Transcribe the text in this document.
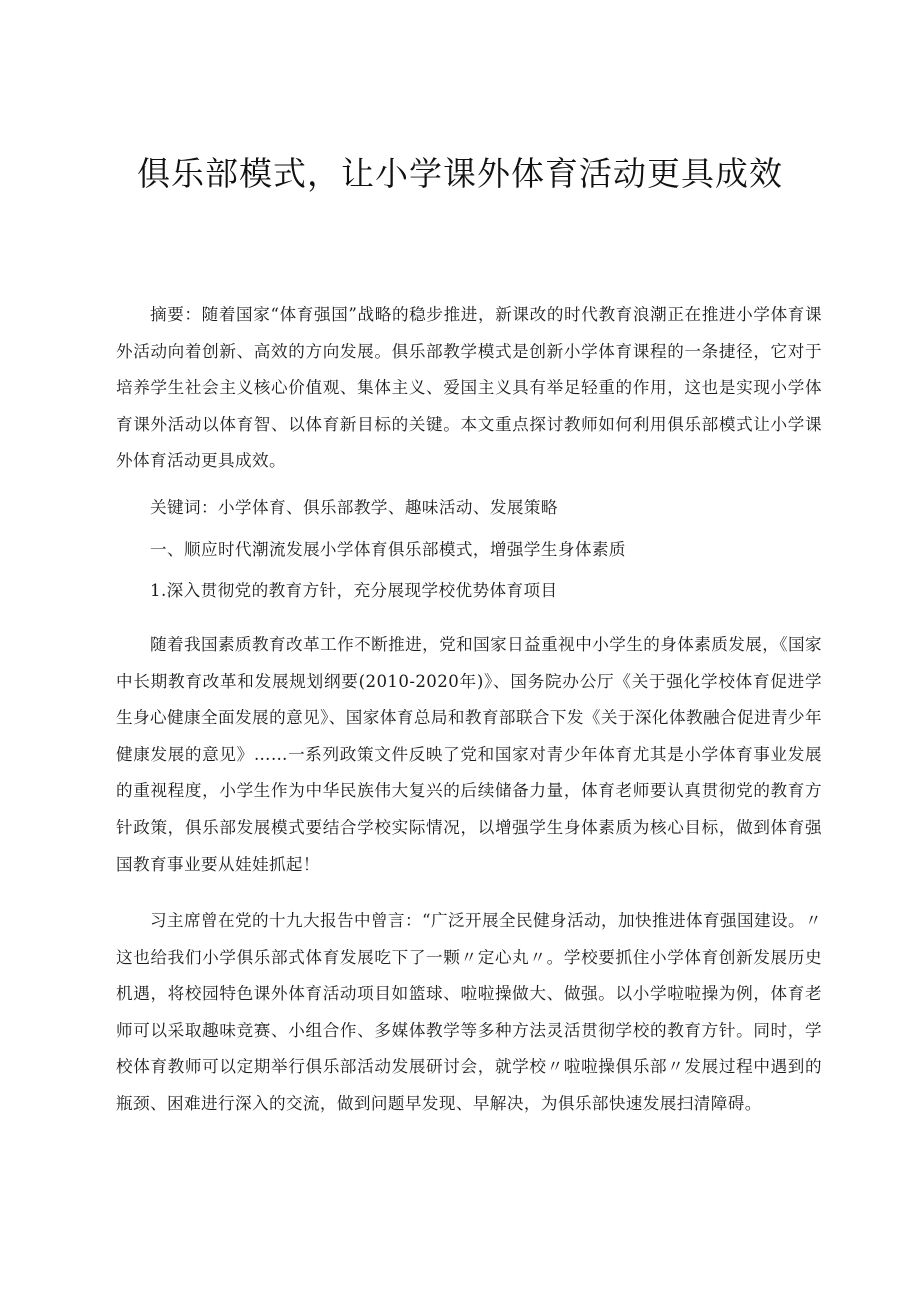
俱乐部模式，让小学课外体育活动更具成效
摘要：随着国家“体育强国”战略的稳步推进，新课改的时代教育浪潮正在推进小学体育课外活动向着创新、高效的方向发展。俱乐部教学模式是创新小学体育课程的一条捷径，它对于培养学生社会主义核心价值观、集体主义、爱国主义具有举足轻重的作用，这也是实现小学体育课外活动以体育智、以体育新目标的关键。本文重点探讨教师如何利用俱乐部模式让小学课外体育活动更具成效。
关键词：小学体育、俱乐部教学、趣味活动、发展策略
一、顺应时代潮流发展小学体育俱乐部模式，增强学生身体素质
1.深入贯彻党的教育方针，充分展现学校优势体育项目
随着我国素质教育改革工作不断推进，党和国家日益重视中小学生的身体素质发展，《国家中长期教育改革和发展规划纲要(2010-2020年)》、国务院办公厅《关于强化学校体育促进学生身心健康全面发展的意见》、国家体育总局和教育部联合下发《关于深化体教融合促进青少年健康发展的意见》……一系列政策文件反映了党和国家对青少年体育尤其是小学体育事业发展的重视程度，小学生作为中华民族伟大复兴的后续储备力量，体育老师要认真贯彻党的教育方针政策，俱乐部发展模式要结合学校实际情况，以增强学生身体素质为核心目标，做到体育强国教育事业要从娃娃抓起！
习主席曾在党的十九大报告中曾言：“广泛开展全民健身活动，加快推进体育强国建设。〃这也给我们小学俱乐部式体育发展吃下了一颗〃定心丸〃。学校要抓住小学体育创新发展历史机遇，将校园特色课外体育活动项目如篮球、啦啦操做大、做强。以小学啦啦操为例，体育老师可以采取趣味竞赛、小组合作、多媒体教学等多种方法灵活贯彻学校的教育方针。同时，学校体育教师可以定期举行俱乐部活动发展研讨会，就学校〃啦啦操俱乐部〃发展过程中遇到的瓶颈、困难进行深入的交流，做到问题早发现、早解决，为俱乐部快速发展扫清障碍。
